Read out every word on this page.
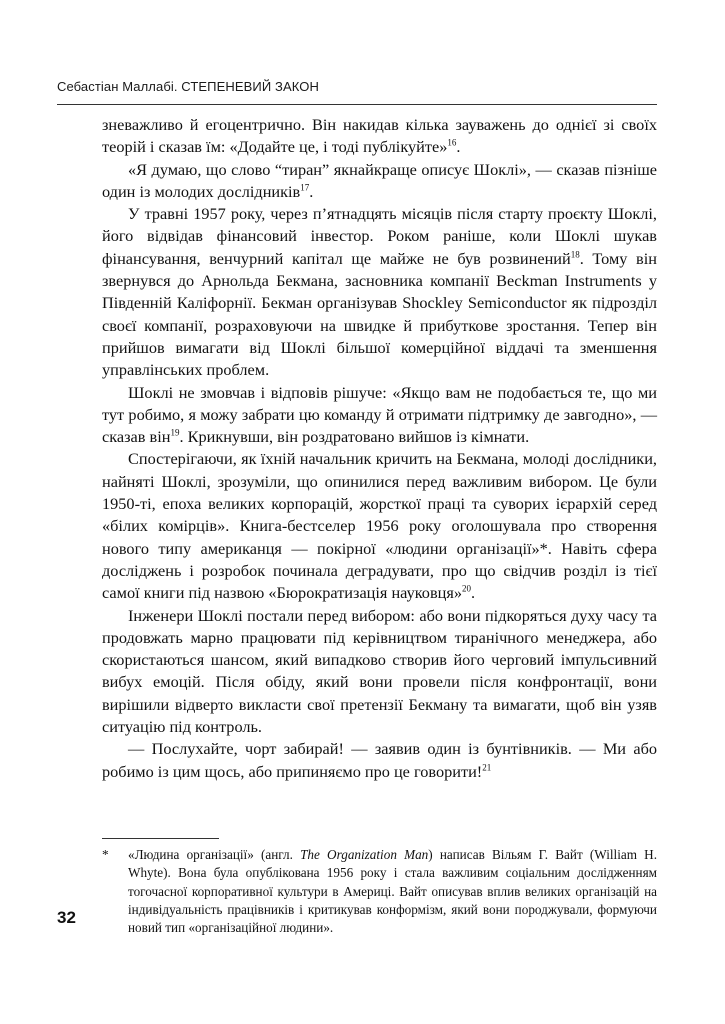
Себастіан Маллабі. СТЕПЕНЕВИЙ ЗАКОН

зневажливо й егоцентрично. Він накидав кілька зауважень до однієї зі своїх теорій і сказав їм: «Додайте це, і тоді публікуйте»$^{16}$.

«Я думаю, що слово “тиран” якнайкраще описує Шоклі», — сказав пізніше один із молодих дослідників$^{17}$.

У травні 1957 року, через п’ятнадцять місяців після старту проєкту Шоклі, його відвідав фінансовий інвестор. Роком раніше, коли Шоклі шукав фінансування, венчурний капітал ще майже не був розвинений$^{18}$. Тому він звернувся до Арнольда Бекмана, засновника компанії Beckman Instruments у Південній Каліфорнії. Бекман організував Shockley Semiconductor як підрозділ своєї компанії, розраховуючи на швидке й прибуткове зростання. Тепер він прийшов вимагати від Шоклі більшої комерційної віддачі та зменшення управлінських проблем.

Шоклі не змовчав і відповів рішуче: «Якщо вам не подобається те, що ми тут робимо, я можу забрати цю команду й отримати підтримку де завгодно», — сказав він$^{19}$. Крикнувши, він роздратовано вийшов із кімнати.

Спостерігаючи, як їхній начальник кричить на Бекмана, молоді дослідники, найняті Шоклі, зрозуміли, що опинилися перед важливим вибором. Це були 1950-ті, епоха великих корпорацій, жорсткої праці та суворих ієрархій серед «білих комірців». Книга-бестселер 1956 року оголошувала про створення нового типу американця — покірної «людини організації»*. Навіть сфера досліджень і розробок починала деградувати, про що свідчив розділ із тієї самої книги під назвою «Бюрократизація науковця»$^{20}$.

Інженери Шоклі постали перед вибором: або вони підкоряться духу часу та продовжать марно працювати під керівництвом тиранічного менеджера, або скористаються шансом, який випадково створив його черговий імпульсивний вибух емоцій. Після обіду, який вони провели після конфронтації, вони вирішили відверто викласти свої претензії Бекману та вимагати, щоб він узяв ситуацію під контроль.

— Послухайте, чорт забирай! — заявив один із бунтівників. — Ми або робимо із цим щось, або припиняємо про це говорити!$^{21}$

*	«Людина організації» (англ. The Organization Man) написав Вільям Г. Вайт (William H. Whyte). Вона була опублікована 1956 року і стала важливим соціальним дослідженням тогочасної корпоративної культури в Америці. Вайт описував вплив великих організацій на індивідуальність працівників і критикував конформізм, який вони породжували, формуючи новий тип «організаційної людини».
32
